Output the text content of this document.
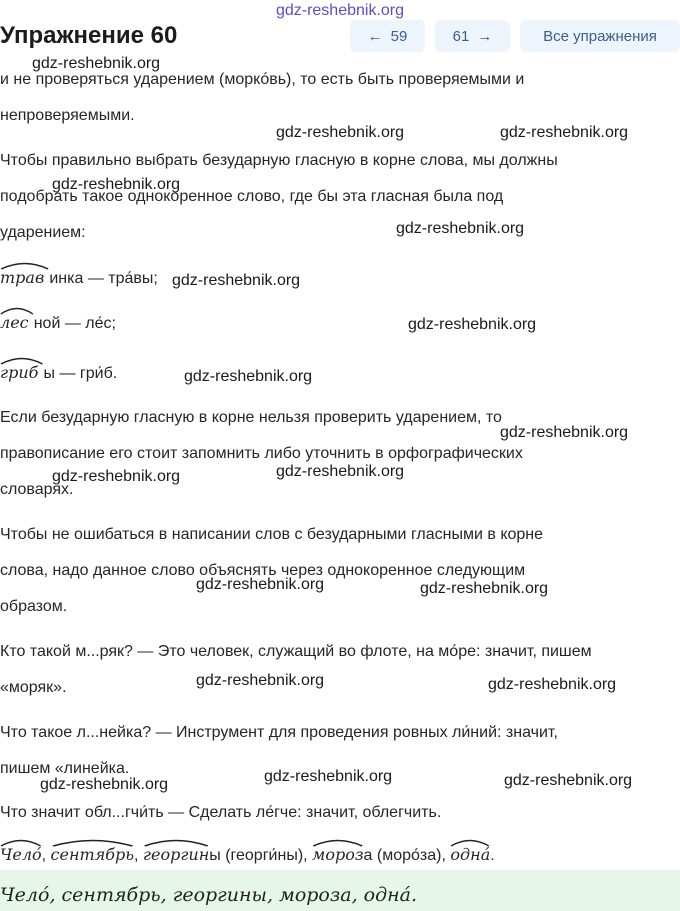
gdz-reshebnik.org
Упражнение 60	← 59	61 →	Все упражнения
и не проверяться ударением (морко́вь), то есть быть проверяемыми и
непроверяемыми.
Чтобы правильно выбрать безударную гласную в корне слова, мы должны
подобрать такое однокоренное слово, где бы эта гласная была под
ударением:
трав инка — тра́вы;
лес ной — ле́с;
гриб ы — гри́б.
Если безударную гласную в корне нельзя проверить ударением, то
правописание его стоит запомнить либо уточнить в орфографических
словарях.
Чтобы не ошибаться в написании слов с безударными гласными в корне
слова, надо данное слово объяснять через однокоренное следующим
образом.
Кто такой м...ряк? — Это человек, служащий во флоте, на мо́ре: значит, пишем
«моряк».
Что такое л...нейка? — Инструмент для проведения ровных ли́ний: значит,
пишем «линейка.
Что значит обл...гчи́ть — Сделать ле́гче: значит, облегчить.
Чело́,
сентябрь,
георгины (георги́ны), мороза (моро́за), одна́.
Чело́, сентябрь, георгины, мороза, одна́.
gdz-reshebnik.org
gdz-reshebnik.org	gdz-reshebnik.org
gdz-reshebnik.org
gdz-reshebnik.org
gdz-reshebnik.org
gdz-reshebnik.org
gdz-reshebnik.org
gdz-reshebnik.org
gdz-reshebnik.org	gdz-reshebnik.org
gdz-reshebnik.org	gdz-reshebnik.org
gdz-reshebnik.org	gdz-reshebnik.org
gdz-reshebnik.org	gdz-reshebnik.org	gdz-reshebnik.org
